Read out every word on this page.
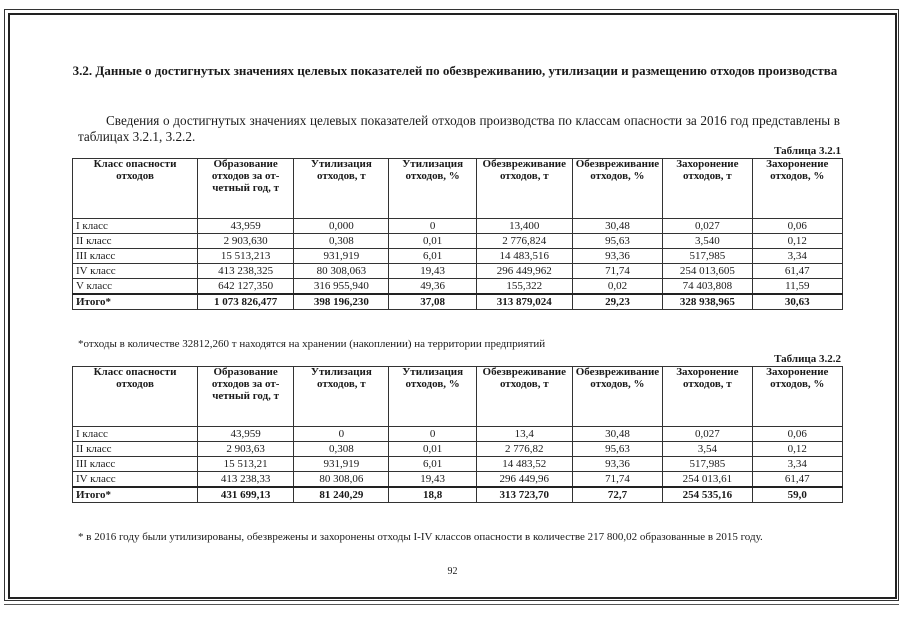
3.2. Данные о достигнутых значениях целевых показателей по обезвреживанию, утилизации и размещению отходов производства
Сведения о достигнутых значениях целевых показателей отходов производства по классам опасности за 2016 год представлены в таблицах 3.2.1, 3.2.2.
Таблица 3.2.1
Класс опасности отходов	Образование отходов за от-четный год, т	Утилизация отходов, т	Утилизация отходов, %	Обезвреживание отходов, т	Обезвреживание отходов, %	Захоронение отходов, т	Захоронение отходов, %
I класс	43,959	0,000	0	13,400	30,48	0,027	0,06
II класс	2 903,630	0,308	0,01	2 776,824	95,63	3,540	0,12
III класс	15 513,213	931,919	6,01	14 483,516	93,36	517,985	3,34
IV класс	413 238,325	80 308,063	19,43	296 449,962	71,74	254 013,605	61,47
V класс	642 127,350	316 955,940	49,36	155,322	0,02	74 403,808	11,59
Итого*	1 073 826,477	398 196,230	37,08	313 879,024	29,23	328 938,965	30,63
*отходы в количестве 32812,260 т находятся на хранении (накоплении) на территории предприятий
Таблица 3.2.2
Класс опасности отходов	Образование отходов за от-четный год, т	Утилизация отходов, т	Утилизация отходов, %	Обезвреживание отходов, т	Обезвреживание отходов, %	Захоронение отходов, т	Захоронение отходов, %
I класс	43,959	0	0	13,4	30,48	0,027	0,06
II класс	2 903,63	0,308	0,01	2 776,82	95,63	3,54	0,12
III класс	15 513,21	931,919	6,01	14 483,52	93,36	517,985	3,34
IV класс	413 238,33	80 308,06	19,43	296 449,96	71,74	254 013,61	61,47
Итого*	431 699,13	81 240,29	18,8	313 723,70	72,7	254 535,16	59,0
* в 2016 году были утилизированы, обезврежены и захоронены отходы I-IV классов опасности в количестве 217 800,02 образованные в 2015 году.
92
